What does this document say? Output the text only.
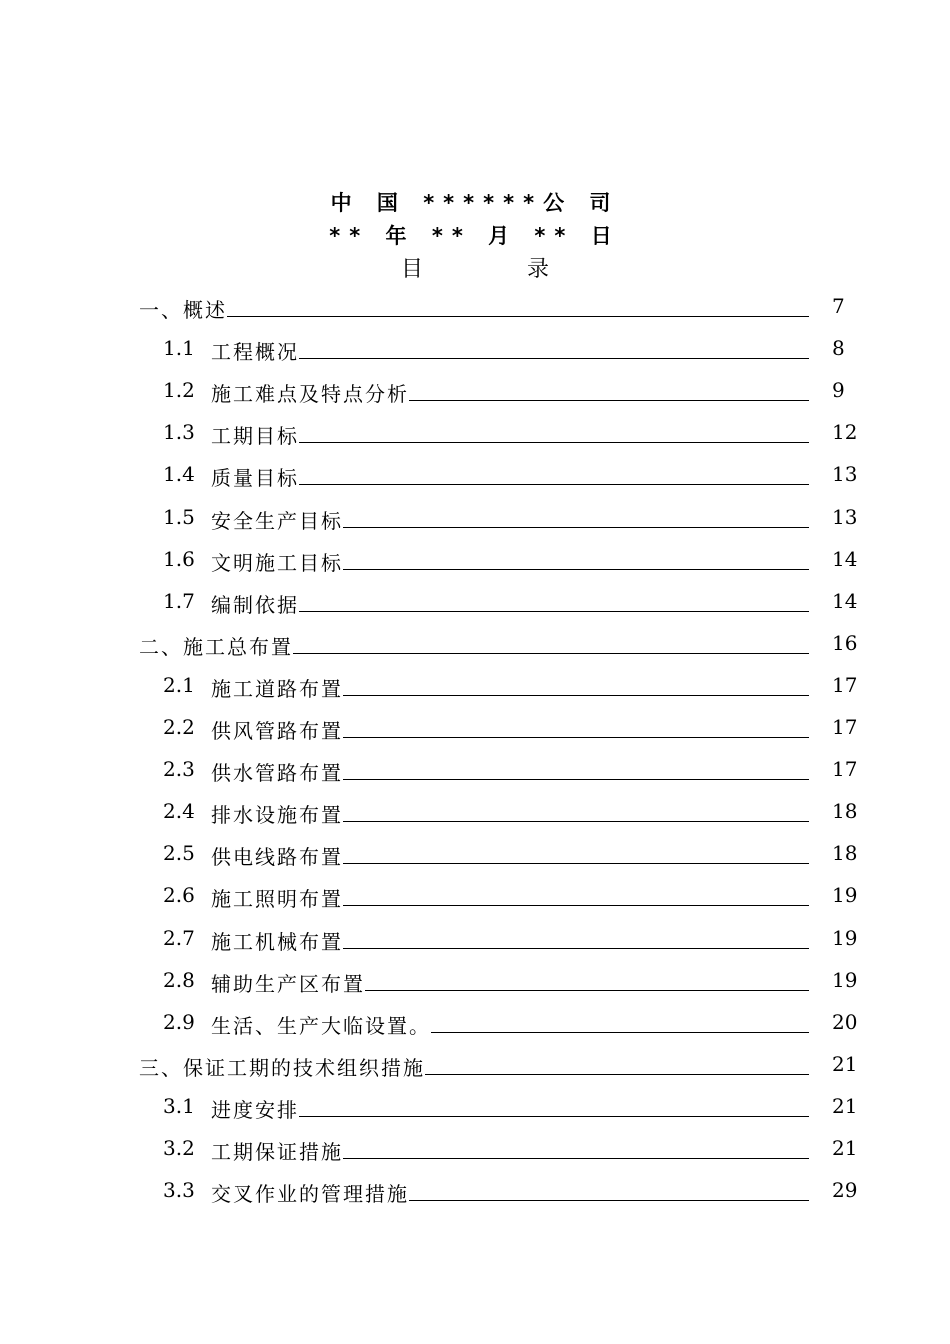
中 国 ******公 司
** 年 ** 月 ** 日
目	录
一、概述	7
1.1 工程概况	8
1.2 施工难点及特点分析	9
1.3 工期目标	12
1.4 质量目标	13
1.5 安全生产目标	13
1.6 文明施工目标	14
1.7 编制依据	14
二、施工总布置	16
2.1 施工道路布置	17
2.2 供风管路布置	17
2.3 供水管路布置	17
2.4 排水设施布置	18
2.5 供电线路布置	18
2.6 施工照明布置	19
2.7 施工机械布置	19
2.8 辅助生产区布置	19
2.9 生活、生产大临设置。	20
三、保证工期的技术组织措施	21
3.1 进度安排	21
3.2 工期保证措施	21
3.3 交叉作业的管理措施	29
